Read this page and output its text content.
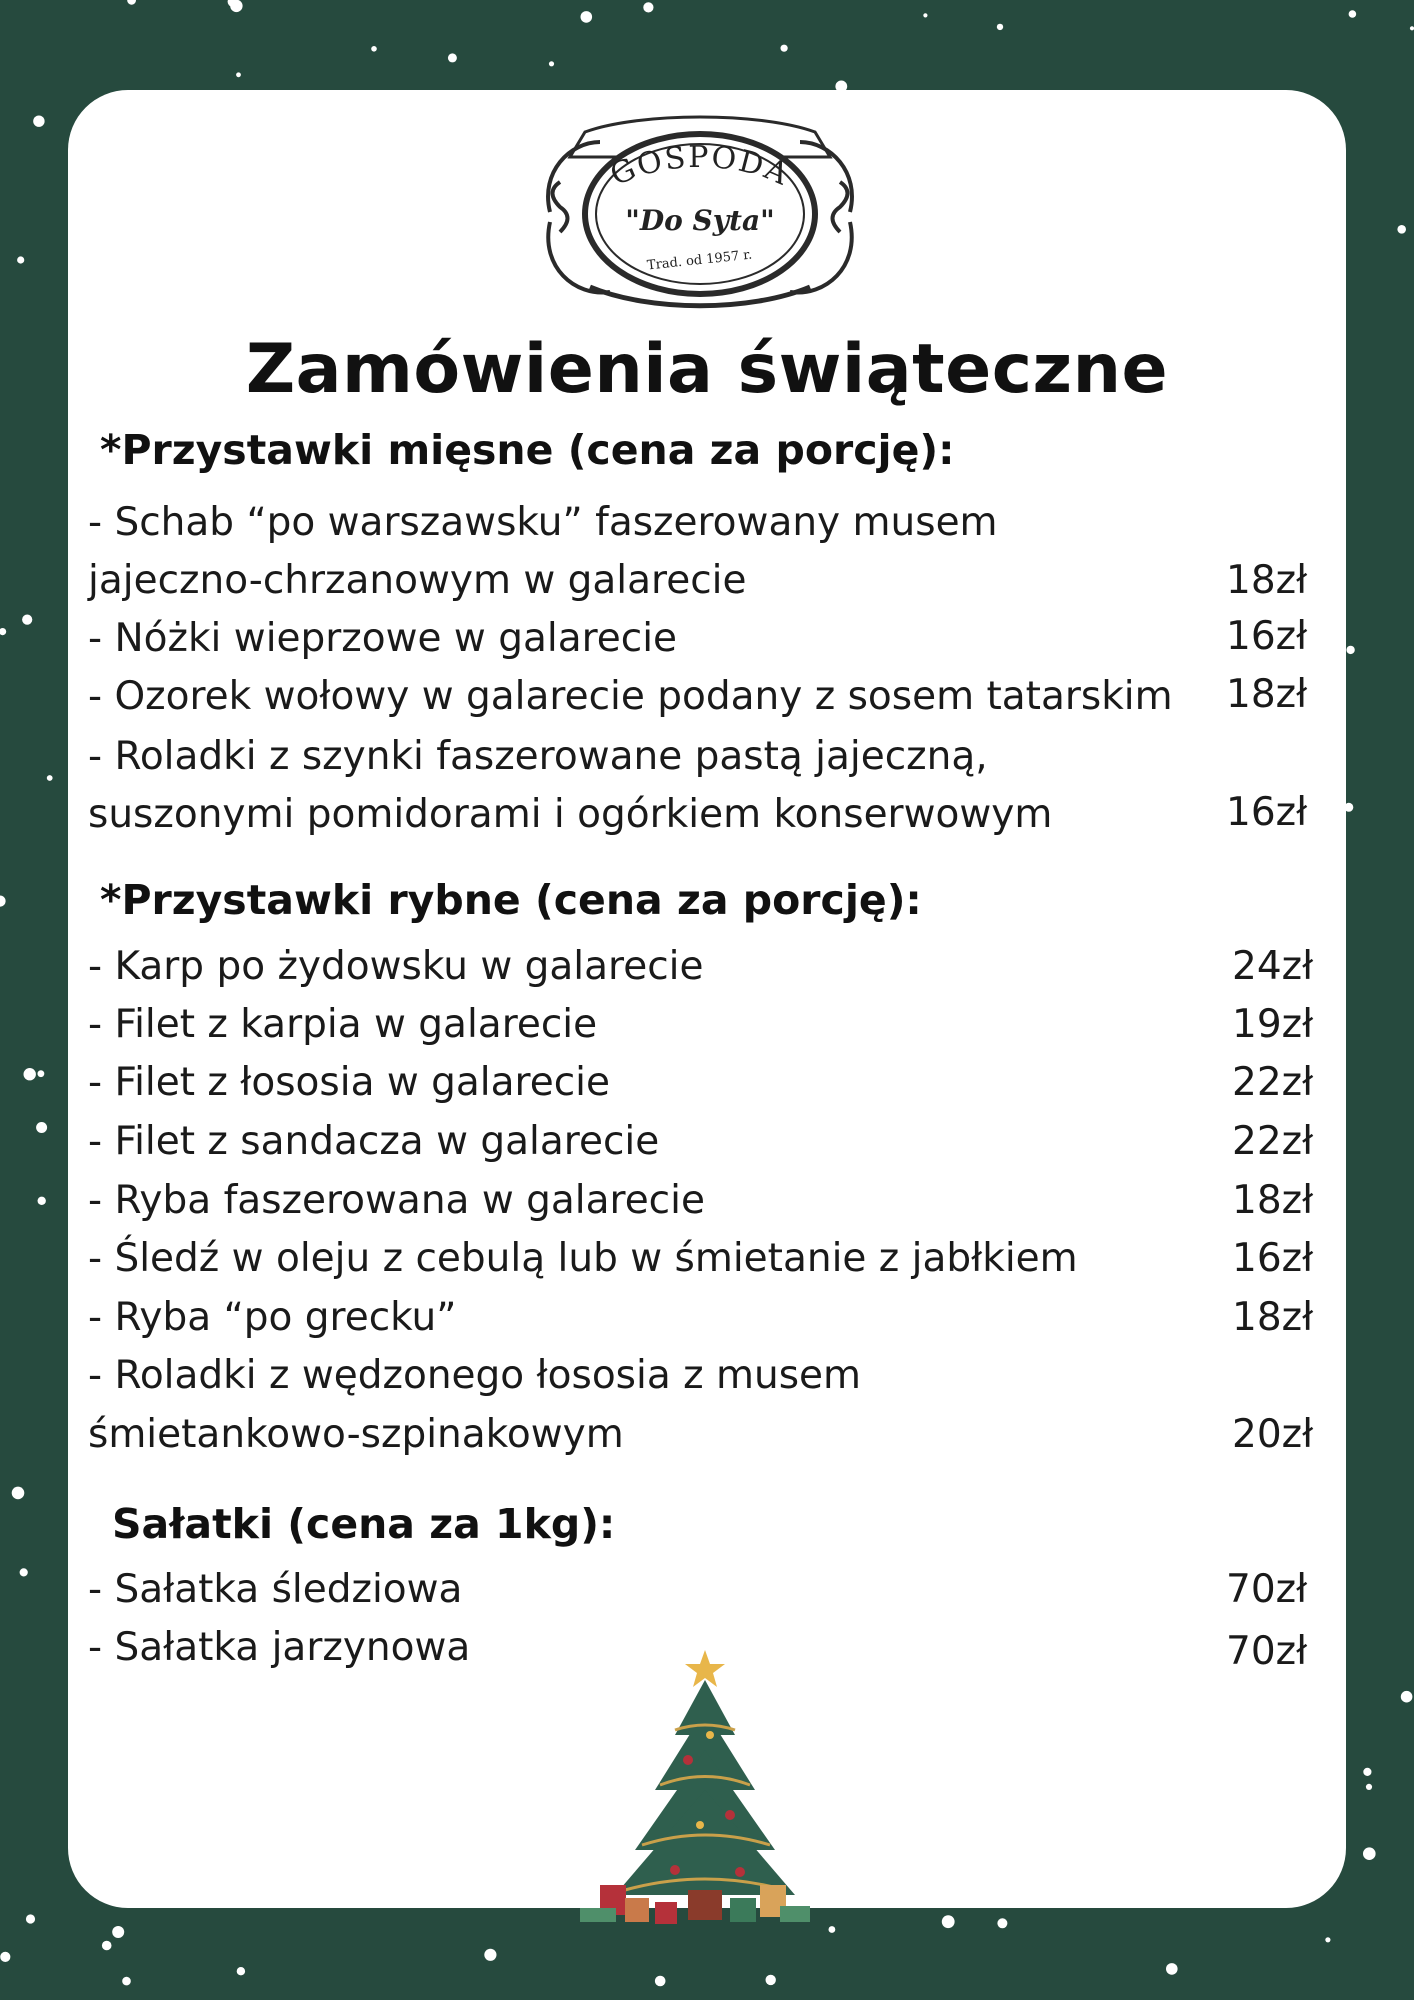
GOSPODA
"Do Syta"
Trad. od 1957 r.
Zamówienia świąteczne
*Przystawki mięsne (cena za porcję):
- Schab “po warszawsku” faszerowany musem
jajeczno-chrzanowym w galarecie	18zł
- Nóżki wieprzowe w galarecie	16zł
- Ozorek wołowy w galarecie podany z sosem tatarskim 18zł
- Roladki z szynki faszerowane pastą jajeczną,
suszonymi pomidorami i ogórkiem konserwowym	16zł
*Przystawki rybne (cena za porcję):
- Karp po żydowsku w galarecie	24zł
- Filet z karpia w galarecie	19zł
- Filet z łososia w galarecie	22zł
- Filet z sandacza w galarecie	22zł
- Ryba faszerowana w galarecie	18zł
- Śledź w oleju z cebulą lub w śmietanie z jabłkiem	16zł
- Ryba “po grecku”	18zł
- Roladki z wędzonego łososia z musem
śmietankowo-szpinakowym	20zł
Sałatki (cena za 1kg):
- Sałatka śledziowa	70zł
- Sałatka jarzynowa	70zł
